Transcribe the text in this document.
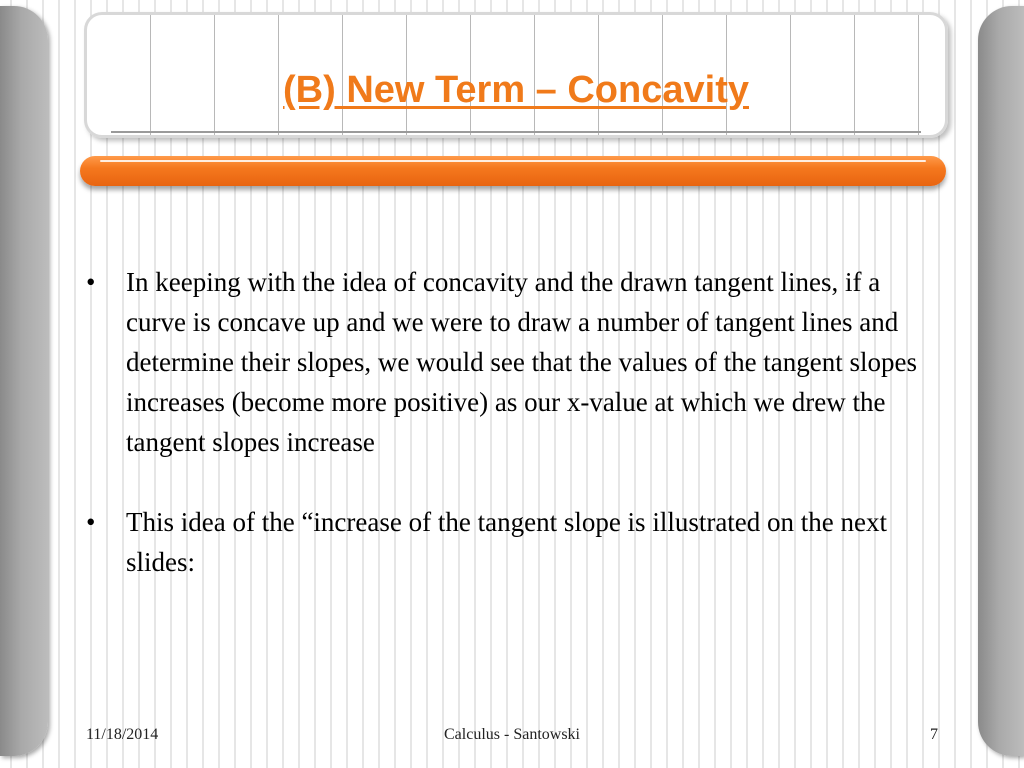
(B) New Term – Concavity
•	In keeping with the idea of concavity and the drawn tangent lines, if a curve is concave up and we were to draw a number of tangent lines and determine their slopes, we would see that the values of the tangent slopes increases (become more positive) as our x-value at which we drew the tangent slopes increase
•	This idea of the “increase of the tangent slope is illustrated on the next slides:
11/18/2014	Calculus - Santowski	7
